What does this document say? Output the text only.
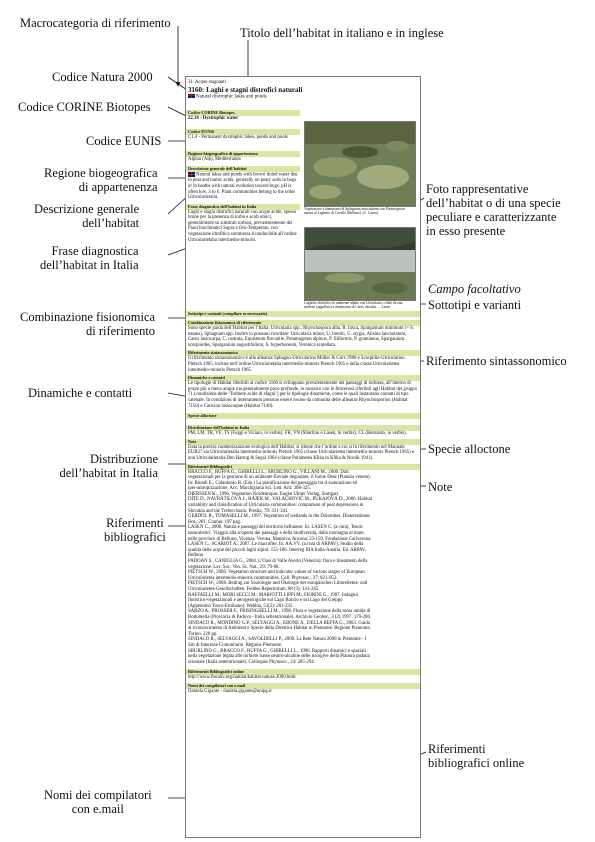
Macrocategoria di riferimento
Titolo dell’habitat in italiano e in inglese
Codice Natura 2000
Codice CORINE Biotopes
Codice EUNIS
Regione biogeografica
di appartenenza
Descrizione generale
dell’habitat
Frase diagnostica
dell’habitat in Italia
Combinazione fisionomica
di riferimento
Dinamiche e contatti
Distribuzione
dell’habitat in Italia
Riferimenti
bibliografici
Nomi dei compilatori
con e.mail
Foto rappresentative
dell’habitat o di una specie
peculiare e caratterizzante
in esso presente
Campo facoltativo
Sottotipi e varianti
Riferimento sintassonomico
Specie alloctone
Note
Riferimenti
bibliografici online
31. Acque stagnanti
3160: Laghi e stagni distrofici naturali
Natural dystrophic lakes and ponds
Codice CORINE Biotopes
22.14 - Dystrophic water
Codice EUNIS
C1.4 - Permanent dystrophic lakes, ponds and pools
Regione biogeografica di appartenenza
Alpina (Alp), Mediterranea
Descrizione generale dell’habitat
Natural lakes and ponds with brown tinted water due to peat and humic acids, generally on peaty soils in bogs or in heaths with natural evolution toward bogs. pH is often low, 3 to 6. Plant communities belong to the order Utricularietalia.
Frase diagnostica dell’habitat in Italia
Laghi e stagni distrofici naturali con acque acide, spesso brune per la presenza di torba e acidi umici, generalmente su substrati torbosi, prevalentemente dei Piani bioclimatici Supra e Oro-Temperato, con vegetazione idrofitica sommersa riconducibile all’ordine Utricularietalia intermedio-minoris.
Vegetazione a dominanza di Sphagnum auriculatum con Potamogeton natans al Laghetto di Cavallo (Belluno). (C. Lasen)
Laghetto distrofico in ambiente alpino con Utricularia, colate da una sindone (aggallato) a dominanza di Carex disculta. ... Lasen
Sottotipi e varianti (compilare se necessario)
Combinazione fisionomica di riferimento
Sono specie guida dell’Habitat per l’Italia: Utricularia spp., Rhynchospora alba, R. fusca, Sparganium minimum (= S. natans), Sphagnum spp. Inoltre in possono ricordare: Utricularia minor, U. bremii, U. stygia, Alisma lanceolatum, Carex lasiocarpa, C. rostrata, Equisetum fluviatile, Potamogeton alpinus, P. filiformis, P. gramineus, Sparganium scorpioides, Sparganium angustifolium, S. hyperboreum, Veronica scutellata.
Riferimento sintassonomico
Il riferimento sintassonomico è alle alleanze Sphagno-Utricularion Müller & Görs 1960 e Scorpidio-Utricularion Pietsch 1965, incluse nell’ordine Utricularietalia intermedio-minoris Pietsch 1965 e nella classe Utricularietea intermedio-minoris Pietsch 1965.
Dinamiche e contatti
Le tipologie di Habitat riferibili al codice 3160 si sviluppano prevalentemente nei paesaggi di torbiera, all’interno di pozze più o meno ampie ma generalmente poco profonde, in mosaico con le fitocenosi riferibili agli Habitat del gruppo 71 (condizione delle ‘Torbiere acide di sfagni’) per le tipologie dinamiche, come le quali instaurano contatti di tipo catenale. In condizioni di interramento possono essere invase da comunità delle alleanze Rhynchosporion (Habitat 7150) e Caricion lasiocarpae (Habitat 7140).
Specie alloctone
Distribuzione dell’habitat in Italia
PM, LM, TR, VE, TS (Foggi e Viciani, in verbis), FR, VN (Sburlino e Lasen, in verbis), CL (Bernardo, in verbis).
Note
Data la precisa caratterizzazione ecologica dell’Habitat, si ritiene che l’ordine a cui si fa riferimento nel Manuale EUR27 sia Utricularietalia intermedio-minoris Pietsch 1965 (classe Utricularietea intermedio-minoris Pietsch 1965) e non Utricularietalia Den Hartog & Segal 1964 (classe Potametea Klika in Klika & Novák 1941).
Riferimenti Bibliografici
BRACCO F., BUFFA G., GHIRELLI L., SBURLINO G., VILLANI M., 2000. Dati
vegetazionali per la gestione di un ambiente fluviale degradato: il fiume Dese (Pianura veneta).
In: Biondi E., Colantonio R. (Eds.) La pianificazione del paesaggio tra ri-naturazione ed
iper-antropizzazione. Acc. Marchigiana Sci. Lett. Arti: 308-325.
DIERSSEN K., 1996. Vegetation Nordeuropas. Eugen Ulmer Verlag, Stuttgart.
DÍTE D., NAVRÁTILOVÁ J., HÁJEK M., VALACHOVIČ M., PUKAJOVÁ D., 2006. Habitat
variability and classification of Utricularia communities: comparison of peat depressions in
Slovakia and the Trebon basin. Preslia, 78: 331-343.
GERDOL R., TOMASELLI M., 1997. Vegetation of wetlands in the Dolomites. Dissertationes
Bot., 281. Cramer. 197 pag.
LASEN C., 2008. Natura e paesaggi del territorio bellunese. In: LASEN C. (a cura), Tesori
naturalistici. Viaggio alla scoperta dei paesaggi e della biodiversità, dalla montagna al mare,
nelle province di Belluno, Vicenza, Verona, Mantova, Ancona: 23-159. Fondazione Cariverona.
LASEN C., SCARIOT A., 2007. Le macrofite. In: AA.VV. (a cura di ARPAV), Studio della
qualità delle acque dei piccoli laghi alpini: 155-186. Interreg IIIA Italia-Austria. Ed. ARPAV,
Belluno.
PADOAN S., CANIGLIA G., 2004. L’Oasi di Valle Averto (Venezia): flora e lineamenti della
vegetazione. Lav. Soc. Ven. Sc. Nat., 29: 79-88.
PIETSCH W., 2000. Vegetation structure and indicator values of various stages of European
Utricularietea intermedio-minoris communities. Coll. Phytosoc., 27: 821-952.
PIETSCH W., 2008. Beitrag zur Soziologie und Ökologie der europäischen Littorelletea- und
Utricularietea-Gesellschaften. Feddes Repertorium, 88 (3): 141-245.
RAFFAELLI M., MORI SECCI M., MARIOTTI LIPPI M., FIORINI G., 1997. Indagini
floristico-vegetazionali e aerogeologiche sul Lago Baccio e sul Lago del Greppo
(Appennino Tosco-Emiliano). Webbia, 51(2): 201-235.
SARZO A., PROSSER F., FRISINGHELLI M., 1998. Flora e vegetazione della roma umida di
Bottomella (Provincia di Padova - Italia settentrionale). Archivio Geobot., 3 (2) 1997: 179-200.
SINDACO R., MONDINO G.P., SELVAGGI A., EBONE A., DELLA BEFFA G., 2003. Guida
al riconoscimento di Ambienti e Specie della Direttiva Habitat in Piemonte. Regione Piemonte.
Torino. 220 pp.
SINDACO R., SELVAGGI A., SAVOLDELLI P., 2008. La Rete Natura 2000 in Piemonte - I
Siti di Interesse Comunitario. Regione Piemonte.
SBURLINO G., BRACCO F., BUFFA G., GHIRELLI L., 1996. Rapporti dinamici e spaziali
nella vegetazione legata alle torbiere basse neutro-alcaline delle risorgive della Pianura padana
orientale (Italia settentrionale). Colloques Phytosoc., 24: 285-294.
Riferimenti Bibliografici online
http://www.floraitv.org/habitat/habitat-natura-2000.html
Nomi dei compilatori con e.mail
Daniela Gigante - daniela.gigante@unipg.it
